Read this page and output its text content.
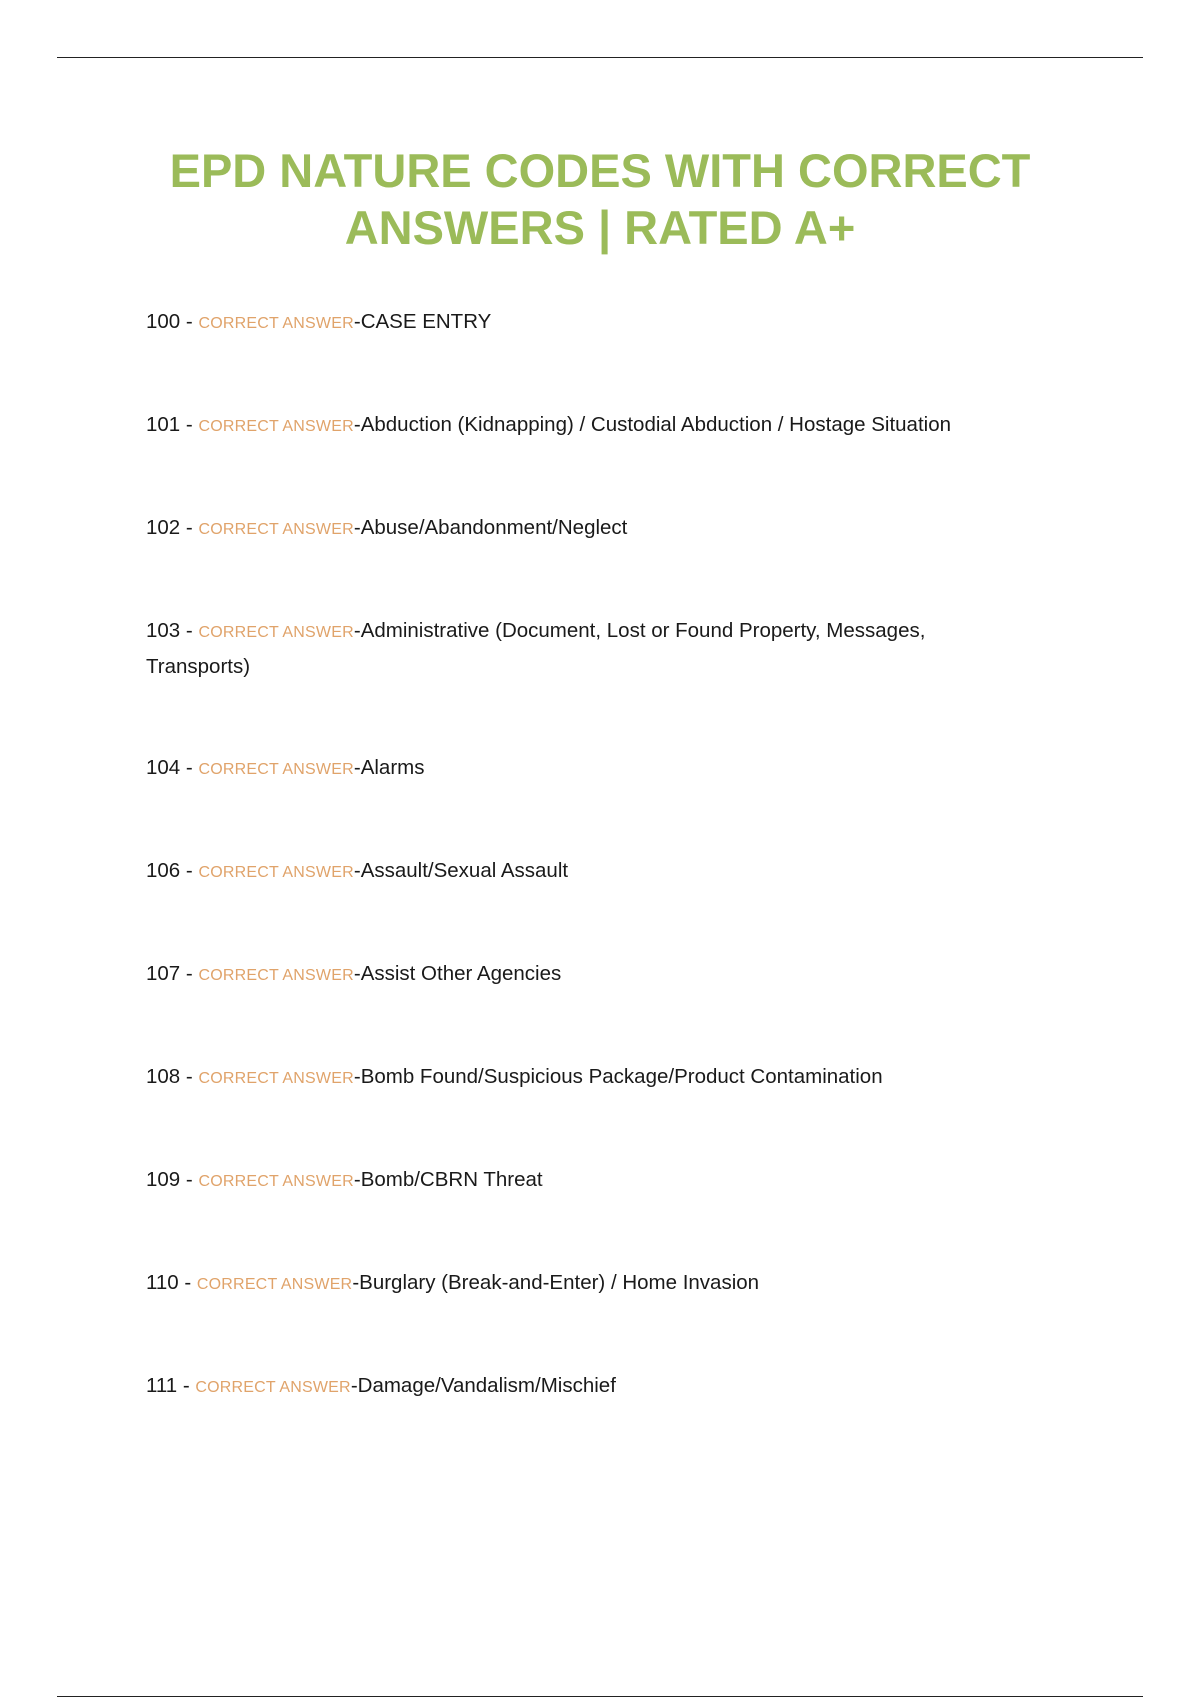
EPD NATURE CODES WITH CORRECT ANSWERS | RATED A+
100 - CORRECT ANSWER-CASE ENTRY
101 - CORRECT ANSWER-Abduction (Kidnapping) / Custodial Abduction / Hostage Situation
102 - CORRECT ANSWER-Abuse/Abandonment/Neglect
103 - CORRECT ANSWER-Administrative (Document, Lost or Found Property, Messages, Transports)
104 - CORRECT ANSWER-Alarms
106 - CORRECT ANSWER-Assault/Sexual Assault
107 - CORRECT ANSWER-Assist Other Agencies
108 - CORRECT ANSWER-Bomb Found/Suspicious Package/Product Contamination
109 - CORRECT ANSWER-Bomb/CBRN Threat
110 - CORRECT ANSWER-Burglary (Break-and-Enter) / Home Invasion
111 - CORRECT ANSWER-Damage/Vandalism/Mischief
